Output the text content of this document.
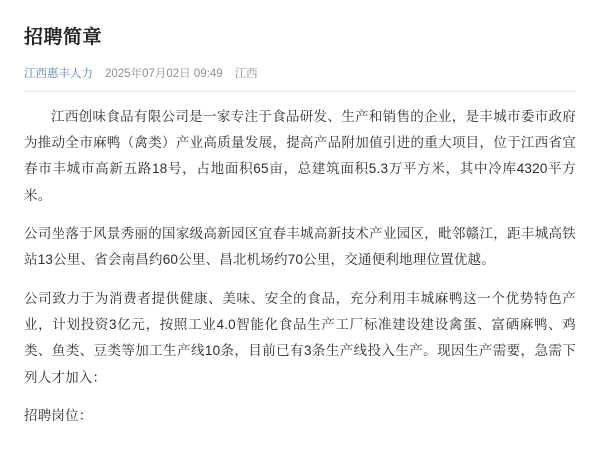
招聘简章
江西惠丰人力 2025年07月02日 09:49 江西

江西创味食品有限公司是一家专注于食品研发、生产和销售的企业，是丰城市委市政府为推动全市麻鸭（禽类）产业高质量发展，提高产品附加值引进的重大项目，位于江西省宜春市丰城市高新五路18号，占地面积65亩，总建筑面积5.3万平方米，其中冷库4320平方米。

公司坐落于风景秀丽的国家级高新园区宜春丰城高新技术产业园区，毗邻赣江，距丰城高铁站13公里、省会南昌约60公里、昌北机场约70公里，交通便利地理位置优越。

公司致力于为消费者提供健康、美味、安全的食品，充分利用丰城麻鸭这一个优势特色产业，计划投资3亿元，按照工业4.0智能化食品生产工厂标准建设建设禽蛋、富硒麻鸭、鸡类、鱼类、豆类等加工生产线10条，目前已有3条生产线投入生产。现因生产需要，急需下列人才加入：

招聘岗位：
